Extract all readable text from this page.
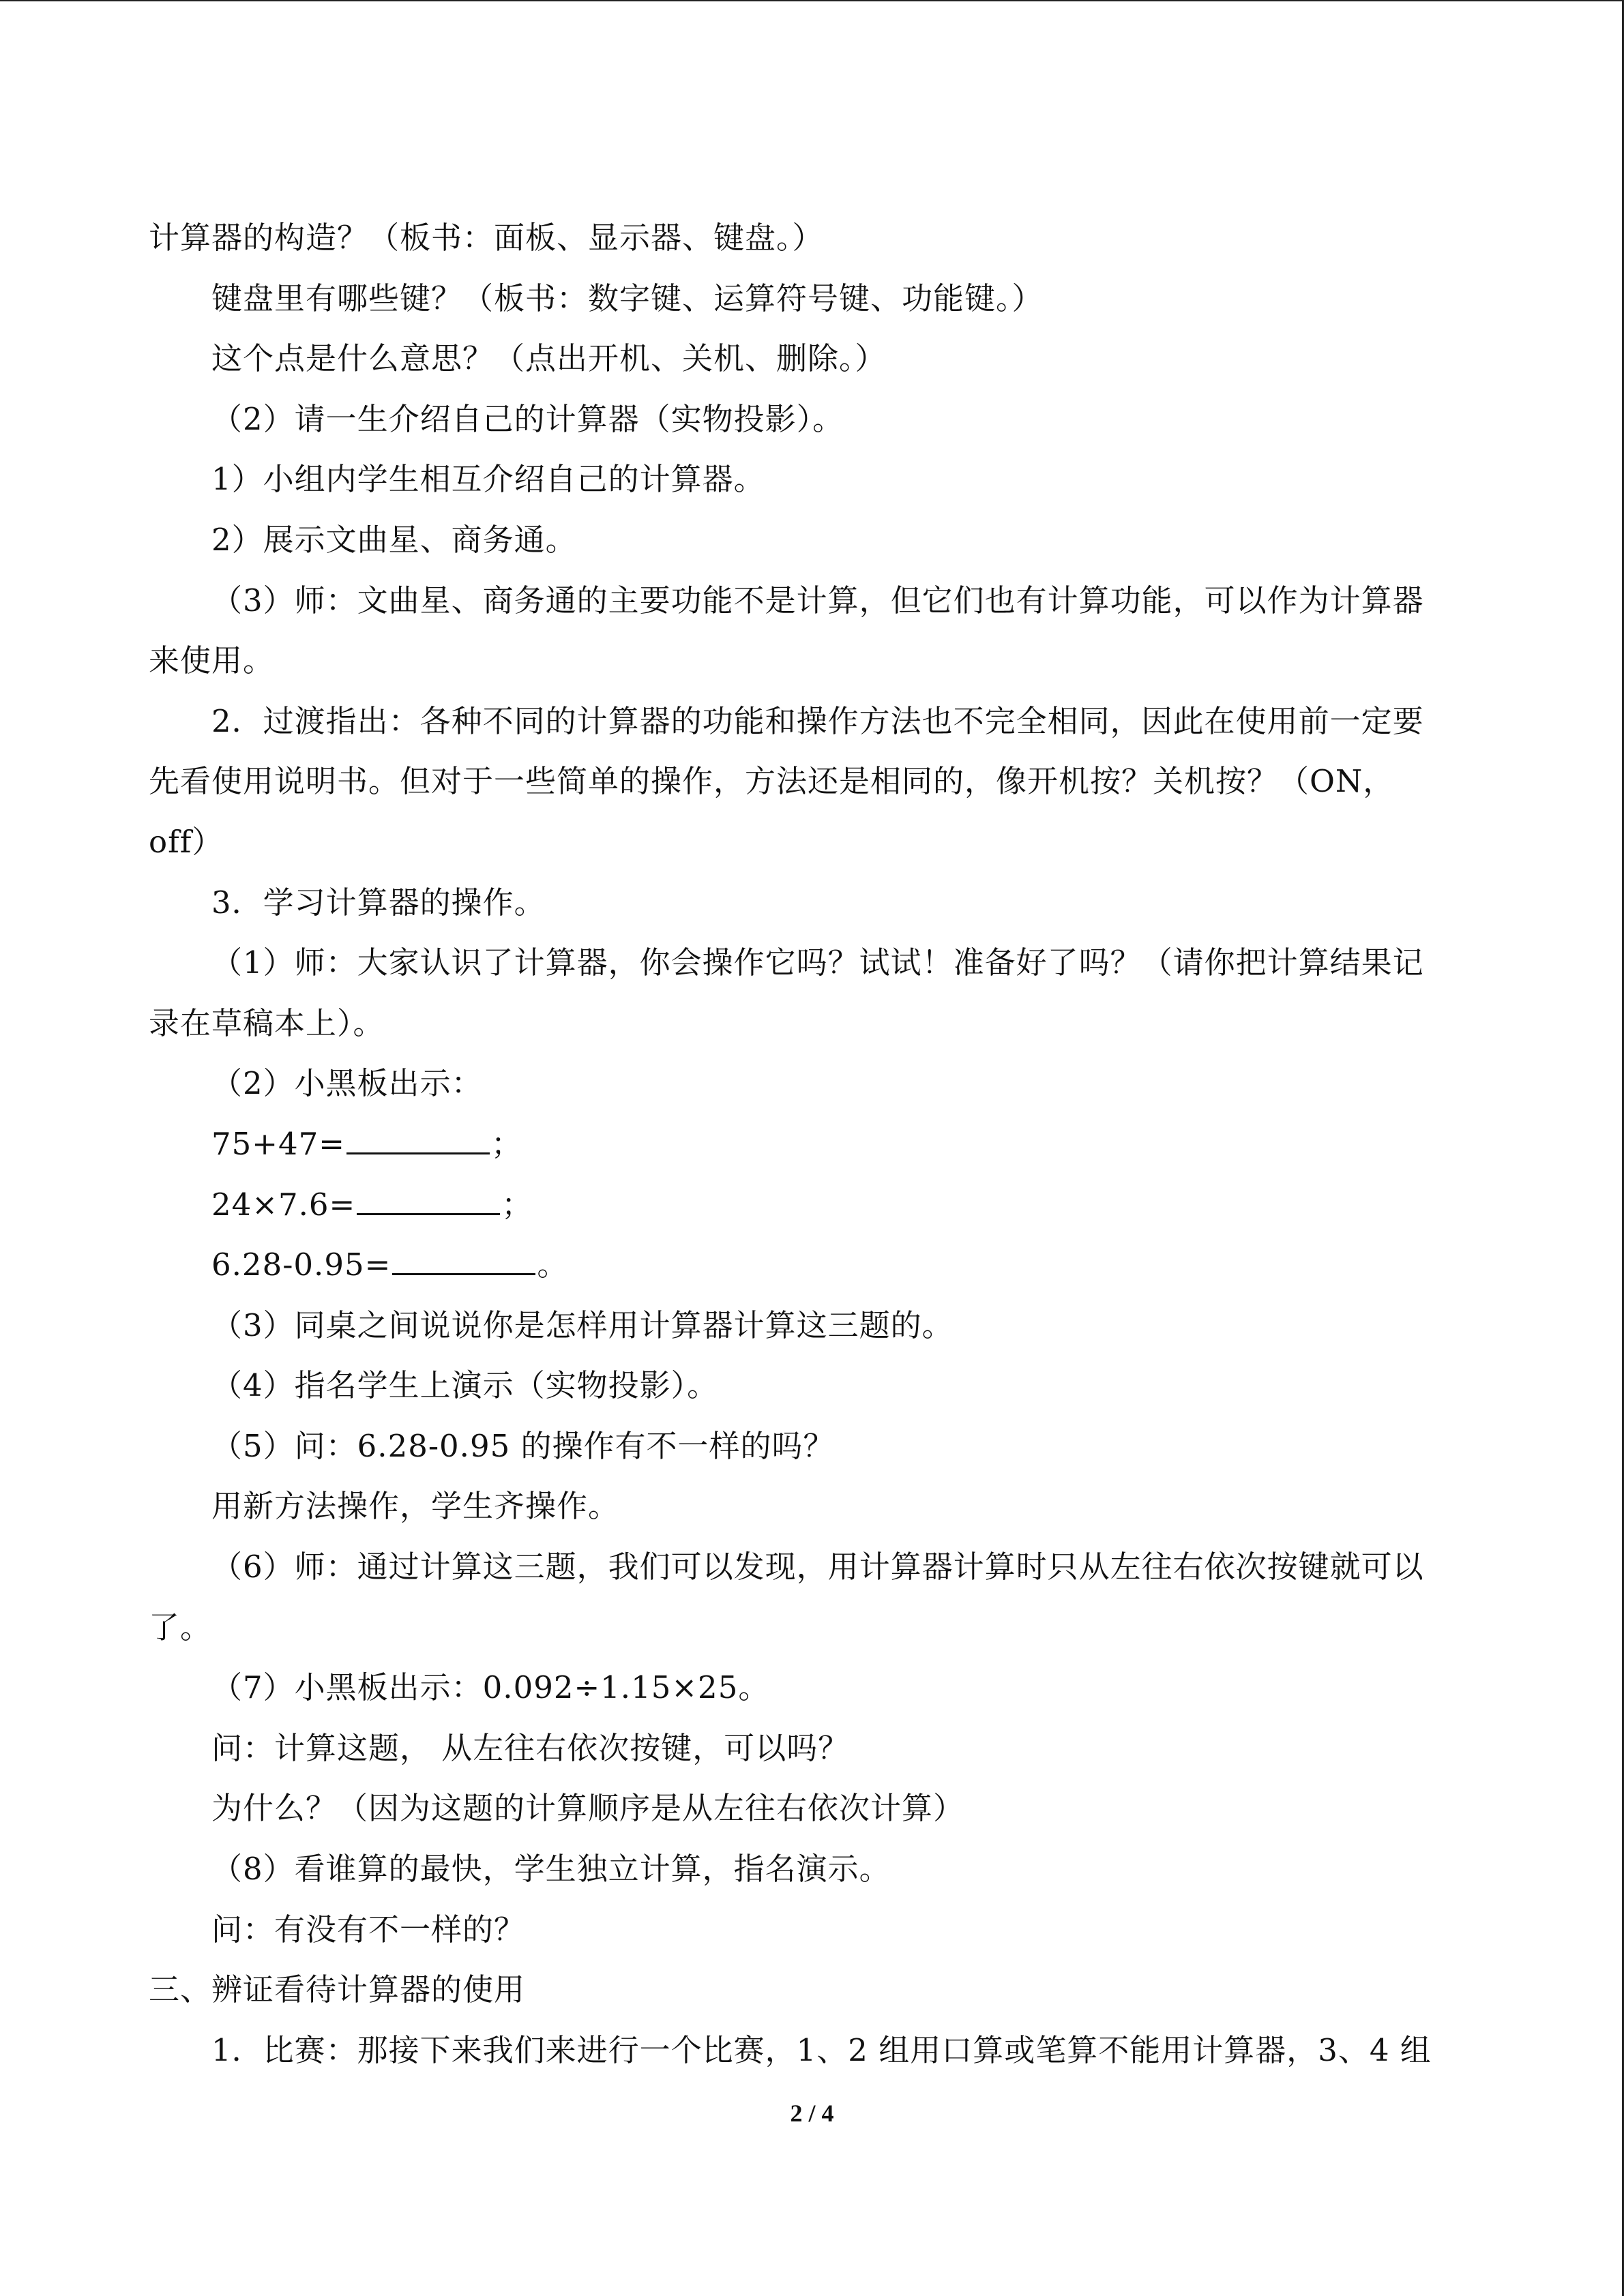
计算器的构造？（板书：面板、显示器、键盘。）
键盘里有哪些键？（板书：数字键、运算符号键、功能键。）
这个点是什么意思？（点出开机、关机、删除。）
（2）请一生介绍自己的计算器（实物投影）。
1）小组内学生相互介绍自己的计算器。
2）展示文曲星、商务通。
（3）师：文曲星、商务通的主要功能不是计算，但它们也有计算功能，可以作为计算器
来使用。
2．过渡指出：各种不同的计算器的功能和操作方法也不完全相同，因此在使用前一定要
先看使用说明书。但对于一些简单的操作，方法还是相同的，像开机按？关机按？（ON，
off）
3．学习计算器的操作。
（1）师：大家认识了计算器，你会操作它吗？试试！准备好了吗？（请你把计算结果记
录在草稿本上）。
（2）小黑板出示：
75+47=	；
24×7.6=	；
6.28-0.95=	。
（3）同桌之间说说你是怎样用计算器计算这三题的。
（4）指名学生上演示（实物投影）。
（5）问：6.28-0.95 的操作有不一样的吗？
用新方法操作，学生齐操作。
（6）师：通过计算这三题，我们可以发现，用计算器计算时只从左往右依次按键就可以
了。
（7）小黑板出示：0.092÷1.15×25。
问：计算这题， 从左往右依次按键，可以吗？
为什么？（因为这题的计算顺序是从左往右依次计算）
（8）看谁算的最快，学生独立计算，指名演示。
问：有没有不一样的？
三、辨证看待计算器的使用
1．比赛：那接下来我们来进行一个比赛，1、2 组用口算或笔算不能用计算器，3、4 组
2 / 4
